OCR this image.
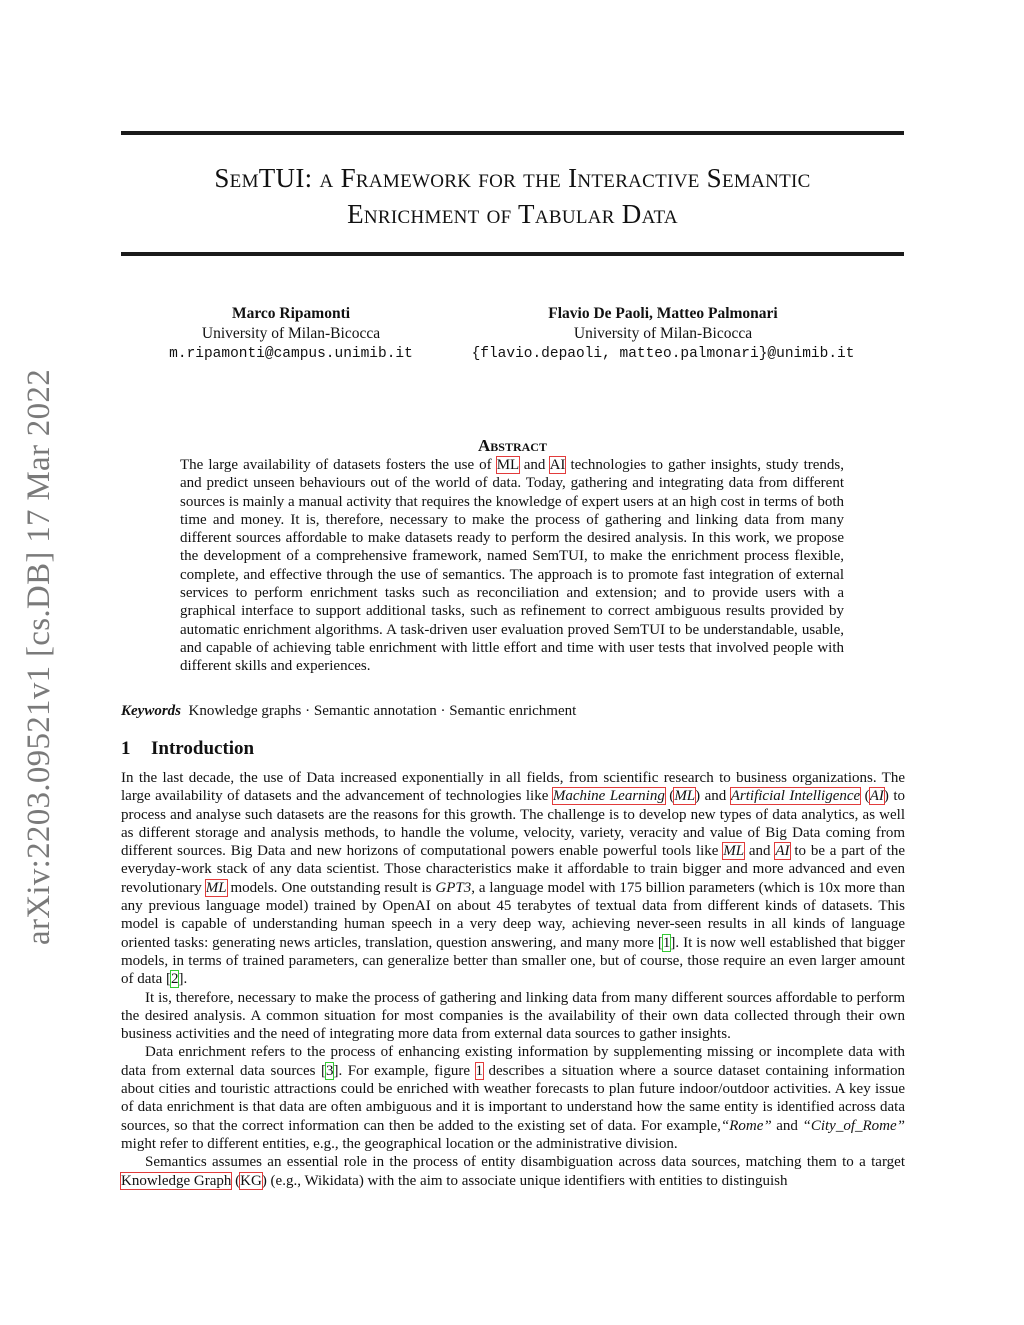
arXiv:2203.09521v1 [cs.DB] 17 Mar 2022
SemTUI: a Framework for the Interactive Semantic
Enrichment of Tabular Data
Marco Ripamonti
University of Milan-Bicocca
m.ripamonti@campus.unimib.it
Flavio De Paoli, Matteo Palmonari
University of Milan-Bicocca
{flavio.depaoli, matteo.palmonari}@unimib.it
Abstract
The large availability of datasets fosters the use of ML and AI technologies to gather insights, study trends, and predict unseen behaviours out of the world of data. Today, gathering and integrating data from different sources is mainly a manual activity that requires the knowledge of expert users at an high cost in terms of both time and money. It is, therefore, necessary to make the process of gathering and linking data from many different sources affordable to make datasets ready to perform the desired analysis. In this work, we propose the development of a comprehensive framework, named SemTUI, to make the enrichment process flexible, complete, and effective through the use of semantics. The approach is to promote fast integration of external services to perform enrichment tasks such as reconciliation and extension; and to provide users with a graphical interface to support additional tasks, such as refinement to correct ambiguous results provided by automatic enrichment algorithms. A task-driven user evaluation proved SemTUI to be understandable, usable, and capable of achieving table enrichment with little effort and time with user tests that involved people with different skills and experiences.
Keywords Knowledge graphs · Semantic annotation · Semantic enrichment
1 Introduction

In the last decade, the use of Data increased exponentially in all fields, from scientific research to business organizations. The large availability of datasets and the advancement of technologies like Machine Learning (ML) and Artificial Intelligence (AI) to process and analyse such datasets are the reasons for this growth. The challenge is to develop new types of data analytics, as well as different storage and analysis methods, to handle the volume, velocity, variety, veracity and value of Big Data coming from different sources. Big Data and new horizons of computational powers enable powerful tools like ML and AI to be a part of the everyday-work stack of any data scientist. Those characteristics make it affordable to train bigger and more advanced and even revolutionary ML models. One outstanding result is GPT3, a language model with 175 billion parameters (which is 10x more than any previous language model) trained by OpenAI on about 45 terabytes of textual data from different kinds of datasets. This model is capable of understanding human speech in a very deep way, achieving never-seen results in all kinds of language oriented tasks: generating news articles, translation, question answering, and many more [1]. It is now well established that bigger models, in terms of trained parameters, can generalize better than smaller one, but of course, those require an even larger amount of data [2].

It is, therefore, necessary to make the process of gathering and linking data from many different sources affordable to perform the desired analysis. A common situation for most companies is the availability of their own data collected through their own business activities and the need of integrating more data from external data sources to gather insights.

Data enrichment refers to the process of enhancing existing information by supplementing missing or incomplete data with data from external data sources [3]. For example, figure 1 describes a situation where a source dataset containing information about cities and touristic attractions could be enriched with weather forecasts to plan future indoor/outdoor activities. A key issue of data enrichment is that data are often ambiguous and it is important to understand how the same entity is identified across data sources, so that the correct information can then be added to the existing set of data. For example,“Rome” and “City_of_Rome” might refer to different entities, e.g., the geographical location or the administrative division.

Semantics assumes an essential role in the process of entity disambiguation across data sources, matching them to a target Knowledge Graph (KG) (e.g., Wikidata) with the aim to associate unique identifiers with entities to distinguish
